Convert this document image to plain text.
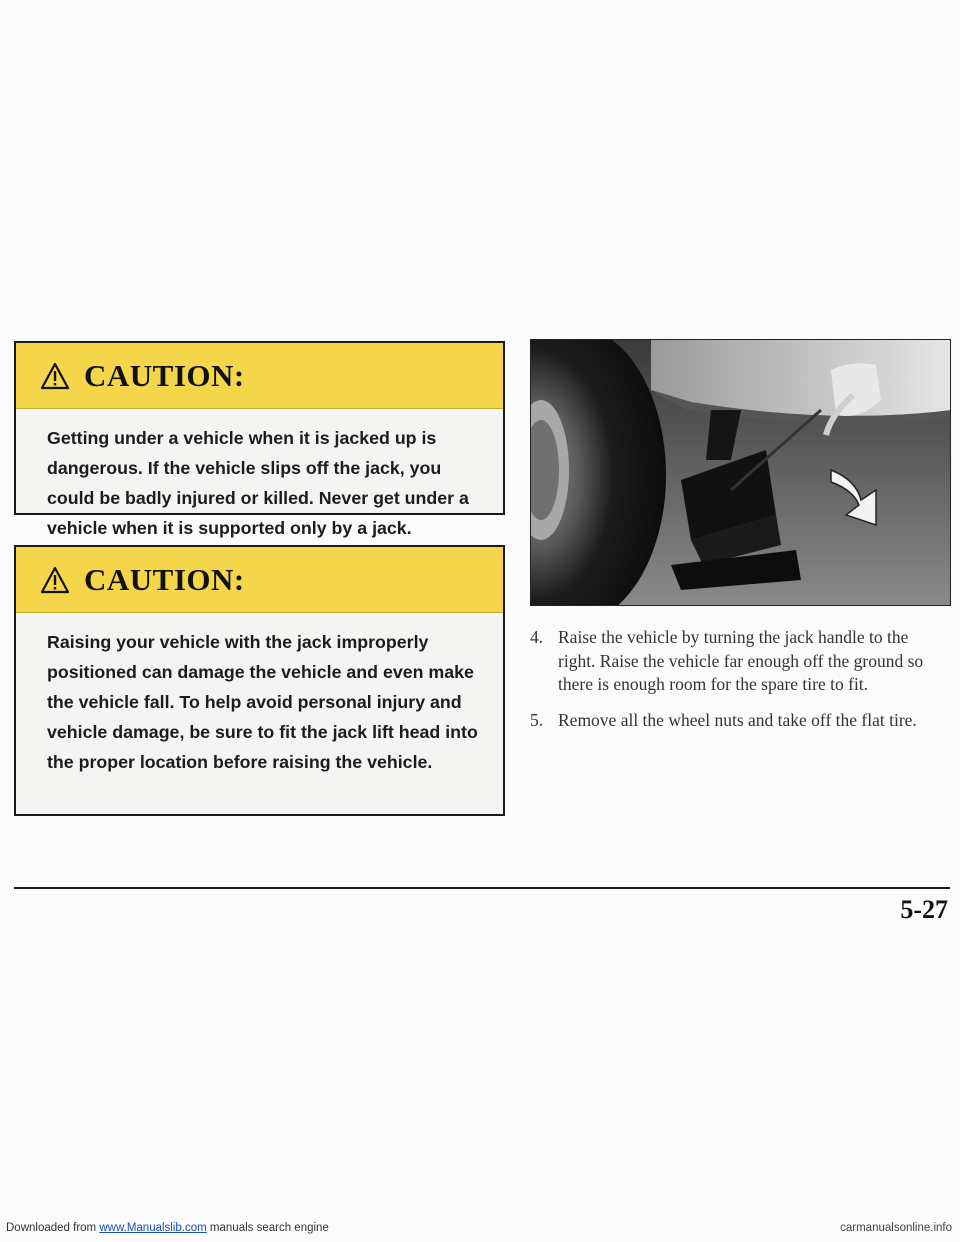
CAUTION:

Getting under a vehicle when it is jacked up is dangerous. If the vehicle slips off the jack, you could be badly injured or killed. Never get under a vehicle when it is supported only by a jack.

CAUTION:

Raising your vehicle with the jack improperly positioned can damage the vehicle and even make the vehicle fall. To help avoid personal injury and vehicle damage, be sure to fit the jack lift head into the proper location before raising the vehicle.

4. Raise the vehicle by turning the jack handle to the right. Raise the vehicle far enough off the ground so there is enough room for the spare tire to fit.
5. Remove all the wheel nuts and take off the flat tire.
5-27
Downloaded from www.Manualslib.com manuals search engine	carmanualsonline.info
